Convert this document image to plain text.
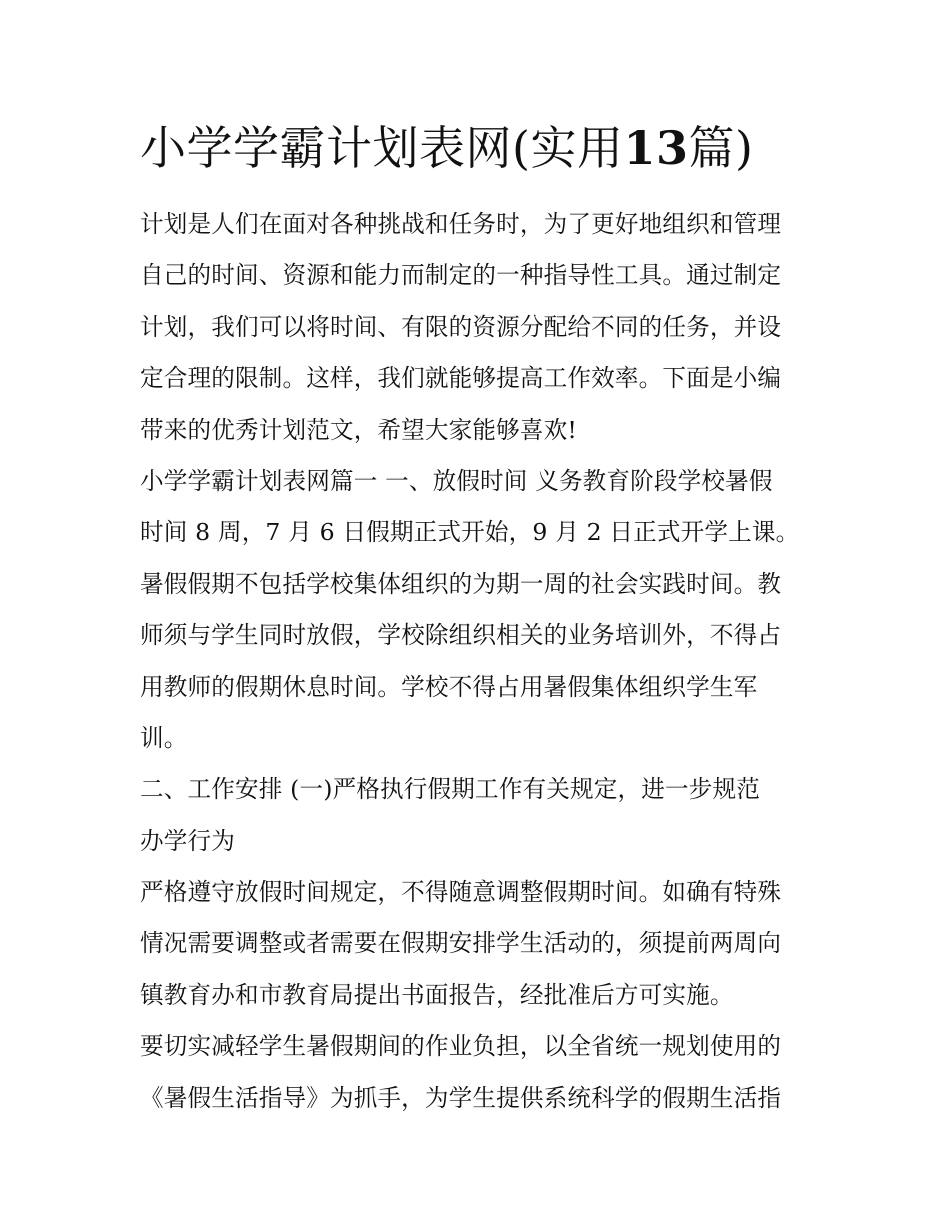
小学学霸计划表网(实用13篇)
计划是人们在面对各种挑战和任务时，为了更好地组织和管理
自己的时间、资源和能力而制定的一种指导性工具。通过制定
计划，我们可以将时间、有限的资源分配给不同的任务，并设
定合理的限制。这样，我们就能够提高工作效率。下面是小编
带来的优秀计划范文，希望大家能够喜欢!
小学学霸计划表网篇一 一、放假时间 义务教育阶段学校暑假
时间 8 周，7 月 6 日假期正式开始，9 月 2 日正式开学上课。
暑假假期不包括学校集体组织的为期一周的社会实践时间。教
师须与学生同时放假，学校除组织相关的业务培训外，不得占
用教师的假期休息时间。学校不得占用暑假集体组织学生军
训。
二、工作安排 (一)严格执行假期工作有关规定，进一步规范
办学行为
严格遵守放假时间规定，不得随意调整假期时间。如确有特殊
情况需要调整或者需要在假期安排学生活动的，须提前两周向
镇教育办和市教育局提出书面报告，经批准后方可实施。
要切实减轻学生暑假期间的作业负担，以全省统一规划使用的
《暑假生活指导》为抓手，为学生提供系统科学的假期生活指
